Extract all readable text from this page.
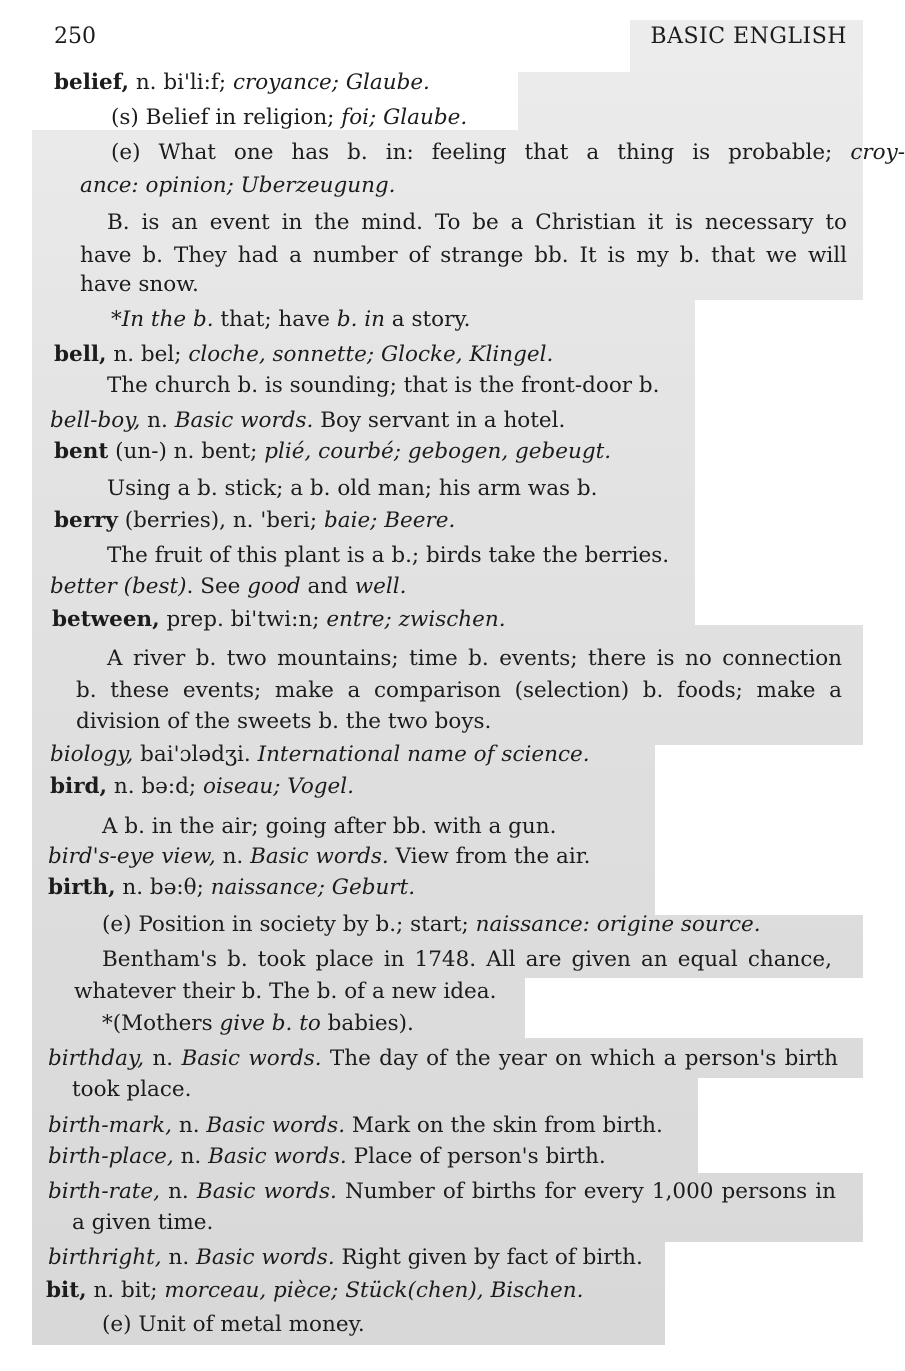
250	BASIC ENGLISH
belief, n. bi'li:f; croyance; Glaube.
(s) Belief in religion; foi; Glaube.
(e) What one has b. in: feeling that a thing is probable; croy-
ance: opinion; Uberzeugung.
B. is an event in the mind. To be a Christian it is necessary to
have b. They had a number of strange bb. It is my b. that we will
have snow.
*In the b. that; have b. in a story.
bell, n. bel; cloche, sonnette; Glocke, Klingel.
The church b. is sounding; that is the front-door b.
bell-boy, n. Basic words. Boy servant in a hotel.
bent (un-) n. bent; plié, courbé; gebogen, gebeugt.
Using a b. stick; a b. old man; his arm was b.
berry (berries), n. 'beri; baie; Beere.
The fruit of this plant is a b.; birds take the berries.
better (best). See good and well.
between, prep. bi'twi:n; entre; zwischen.
A river b. two mountains; time b. events; there is no connection
b. these events; make a comparison (selection) b. foods; make a
division of the sweets b. the two boys.
biology, bai'ɔlədʒi. International name of science.
bird, n. bə:d; oiseau; Vogel.
A b. in the air; going after bb. with a gun.
bird's-eye view, n. Basic words. View from the air.
birth, n. bə:θ; naissance; Geburt.
(e) Position in society by b.; start; naissance: origine source.
Bentham's b. took place in 1748. All are given an equal chance,
whatever their b. The b. of a new idea.
*(Mothers give b. to babies).
birthday, n. Basic words. The day of the year on which a person's birth
took place.
birth-mark, n. Basic words. Mark on the skin from birth.
birth-place, n. Basic words. Place of person's birth.
birth-rate, n. Basic words. Number of births for every 1,000 persons in
a given time.
birthright, n. Basic words. Right given by fact of birth.
bit, n. bit; morceau, pièce; Stück(chen), Bischen.
(e) Unit of metal money.
